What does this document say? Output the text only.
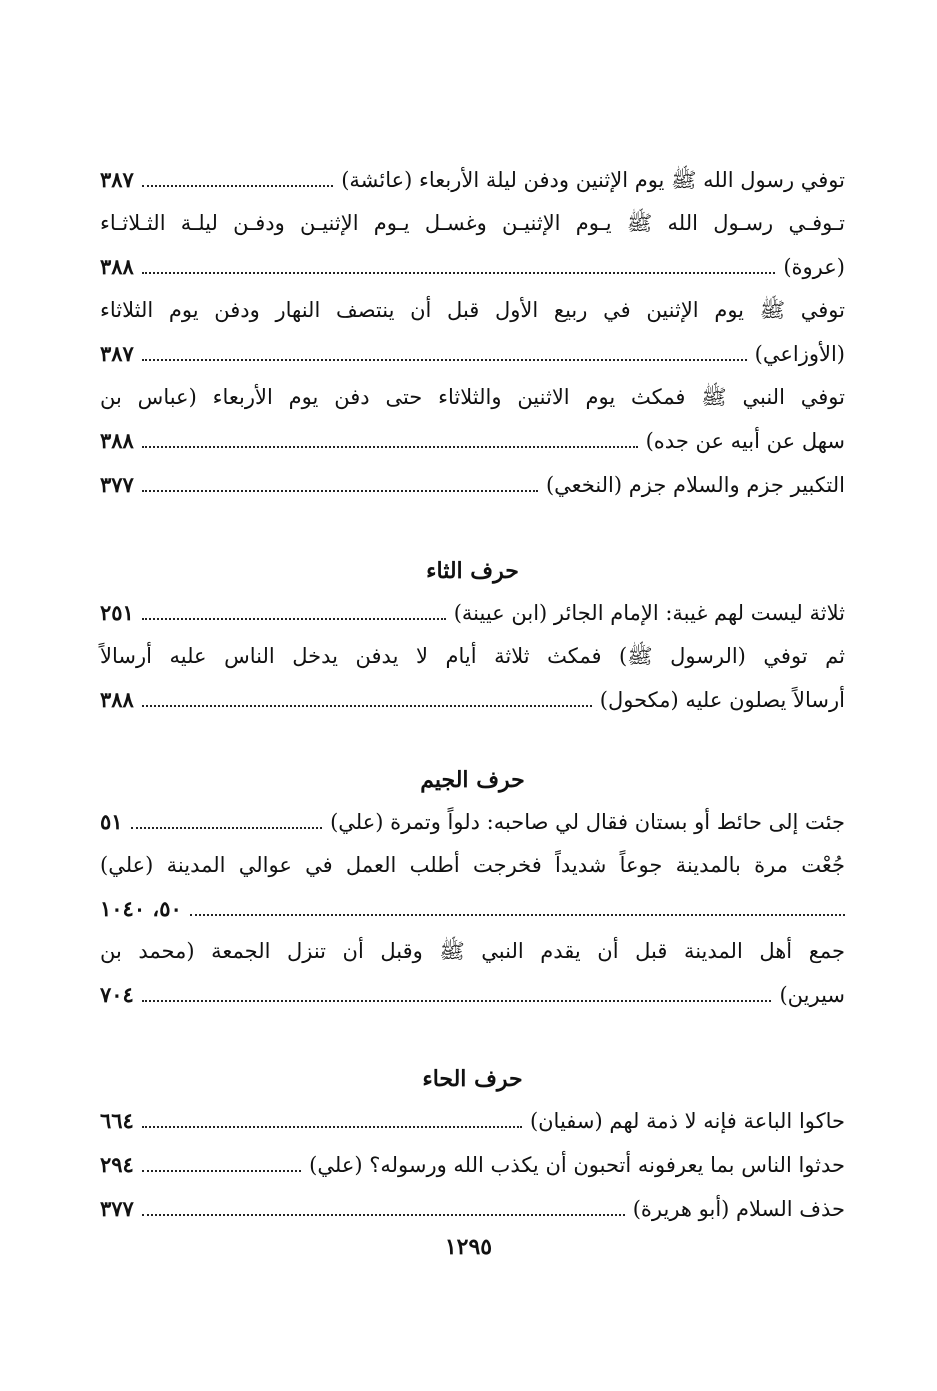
توفي رسول الله ﷺ يوم الإثنين ودفن ليلة الأربعاء (عائشة)
٣٨٧
تـوفـي رسـول الله ﷺ يـوم الإثنيـن وغسـل يـوم الإثنيـن ودفـن ليلـة الثـلاثـاء
(عروة)
٣٨٨
توفي ﷺ يوم الإثنين في ربيع الأول قبل أن ينتصف النهار ودفن يوم الثلاثاء
(الأوزاعي)
٣٨٧
توفي النبي ﷺ فمكث يوم الاثنين والثلاثاء حتى دفن يوم الأربعاء (عباس بن
سهل عن أبيه عن جده)
٣٨٨
التكبير جزم والسلام جزم (النخعي)
٣٧٧
حرف الثاء
ثلاثة ليست لهم غيبة: الإمام الجائر (ابن عيينة)
٢٥١
ثم توفي (الرسول ﷺ) فمكث ثلاثة أيام لا يدفن يدخل الناس عليه أرسالاً
أرسالاً يصلون عليه (مكحول)
٣٨٨
حرف الجيم
جئت إلى حائط أو بستان فقال لي صاحبه: دلواً وتمرة (علي)
٥١
جُعْت مرة بالمدينة جوعاً شديداً فخرجت أطلب العمل في عوالي المدينة (علي)
٥٠، ١٠٤٠
جمع أهل المدينة قبل أن يقدم النبي ﷺ وقبل أن تنزل الجمعة (محمد بن
سيرين)
٧٠٤
حرف الحاء
حاكوا الباعة فإنه لا ذمة لهم (سفيان)
٦٦٤
حدثوا الناس بما يعرفونه أتحبون أن يكذب الله ورسوله؟ (علي)
٢٩٤
حذف السلام (أبو هريرة)
٣٧٧
١٢٩٥
